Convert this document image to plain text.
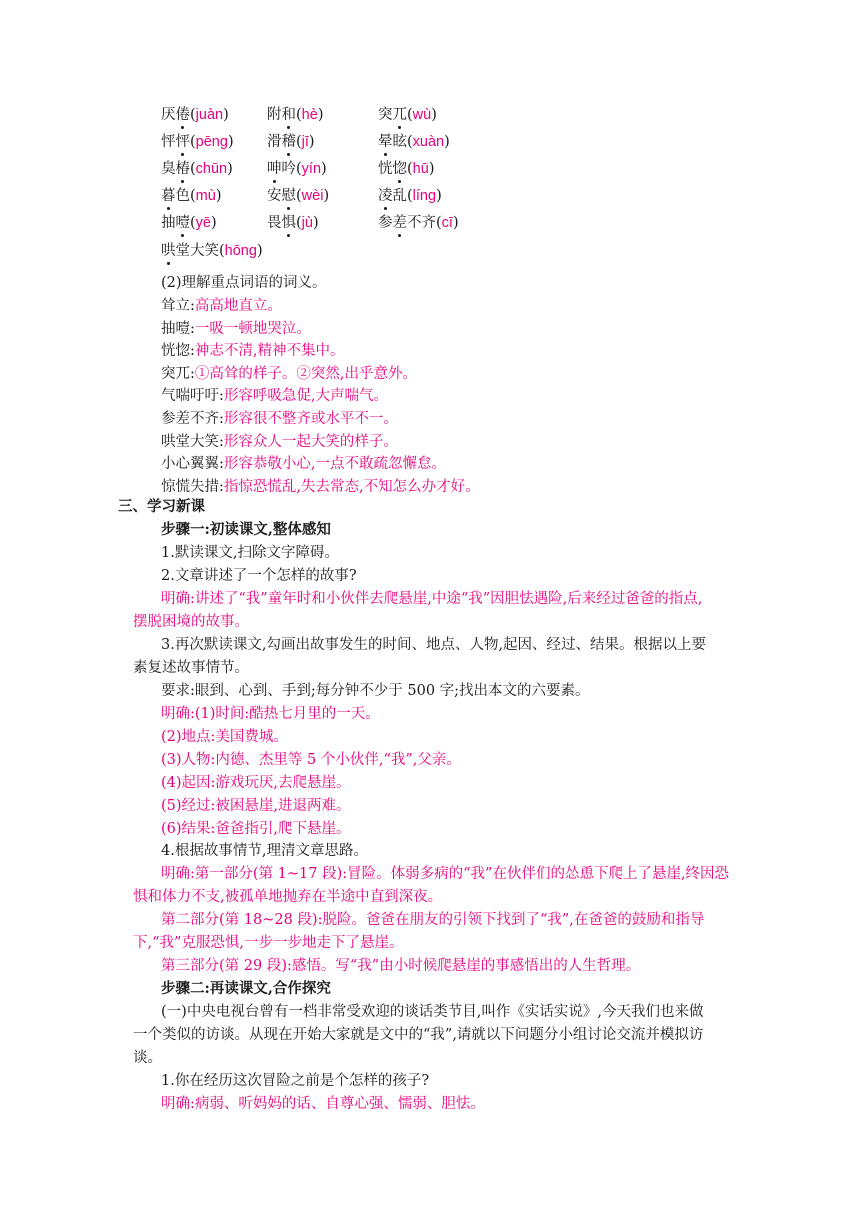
厌倦(juàn)	附和(hè)	突兀(wù)
怦怦(pēng) 滑稽(jī)	晕眩(xuàn)
臭椿(chūn) 呻吟(yín)	恍惚(hū)
暮色(mù)	安慰(wèi)	凌乱(líng)
抽噎(yē)	畏惧(jù)	参差不齐(cī)
哄堂大笑(hōng)
(2)理解重点词语的词义。
耸立:高高地直立。
抽噎:一吸一顿地哭泣。
恍惚:神志不清,精神不集中。
突兀:①高耸的样子。②突然,出乎意外。
气喘吁吁:形容呼吸急促,大声喘气。
参差不齐:形容很不整齐或水平不一。
哄堂大笑:形容众人一起大笑的样子。
小心翼翼:形容恭敬小心,一点不敢疏忽懈怠。
惊慌失措:指惊恐慌乱,失去常态,不知怎么办才好。
三、学习新课
步骤一:初读课文,整体感知
1.默读课文,扫除文字障碍。
2.文章讲述了一个怎样的故事?
明确:讲述了“我”童年时和小伙伴去爬悬崖,中途“我”因胆怯遇险,后来经过爸爸的指点,
摆脱困境的故事。
3.再次默读课文,勾画出故事发生的时间、地点、人物,起因、经过、结果。根据以上要
素复述故事情节。
要求:眼到、心到、手到;每分钟不少于 500 字;找出本文的六要素。
明确:(1)时间:酷热七月里的一天。
(2)地点:美国费城。
(3)人物:内德、杰里等 5 个小伙伴,“我”,父亲。
(4)起因:游戏玩厌,去爬悬崖。
(5)经过:被困悬崖,进退两难。
(6)结果:爸爸指引,爬下悬崖。
4.根据故事情节,理清文章思路。
明确:第一部分(第 1~17 段):冒险。体弱多病的“我”在伙伴们的怂恿下爬上了悬崖,终因恐
惧和体力不支,被孤单地抛弃在半途中直到深夜。
第二部分(第 18~28 段):脱险。爸爸在朋友的引领下找到了“我”,在爸爸的鼓励和指导
下,“我”克服恐惧,一步一步地走下了悬崖。
第三部分(第 29 段):感悟。写“我”由小时候爬悬崖的事感悟出的人生哲理。
步骤二:再读课文,合作探究
(一)中央电视台曾有一档非常受欢迎的谈话类节目,叫作《实话实说》,今天我们也来做
一个类似的访谈。从现在开始大家就是文中的“我”,请就以下问题分小组讨论交流并模拟访
谈。
1.你在经历这次冒险之前是个怎样的孩子?
明确:病弱、听妈妈的话、自尊心强、懦弱、胆怯。
